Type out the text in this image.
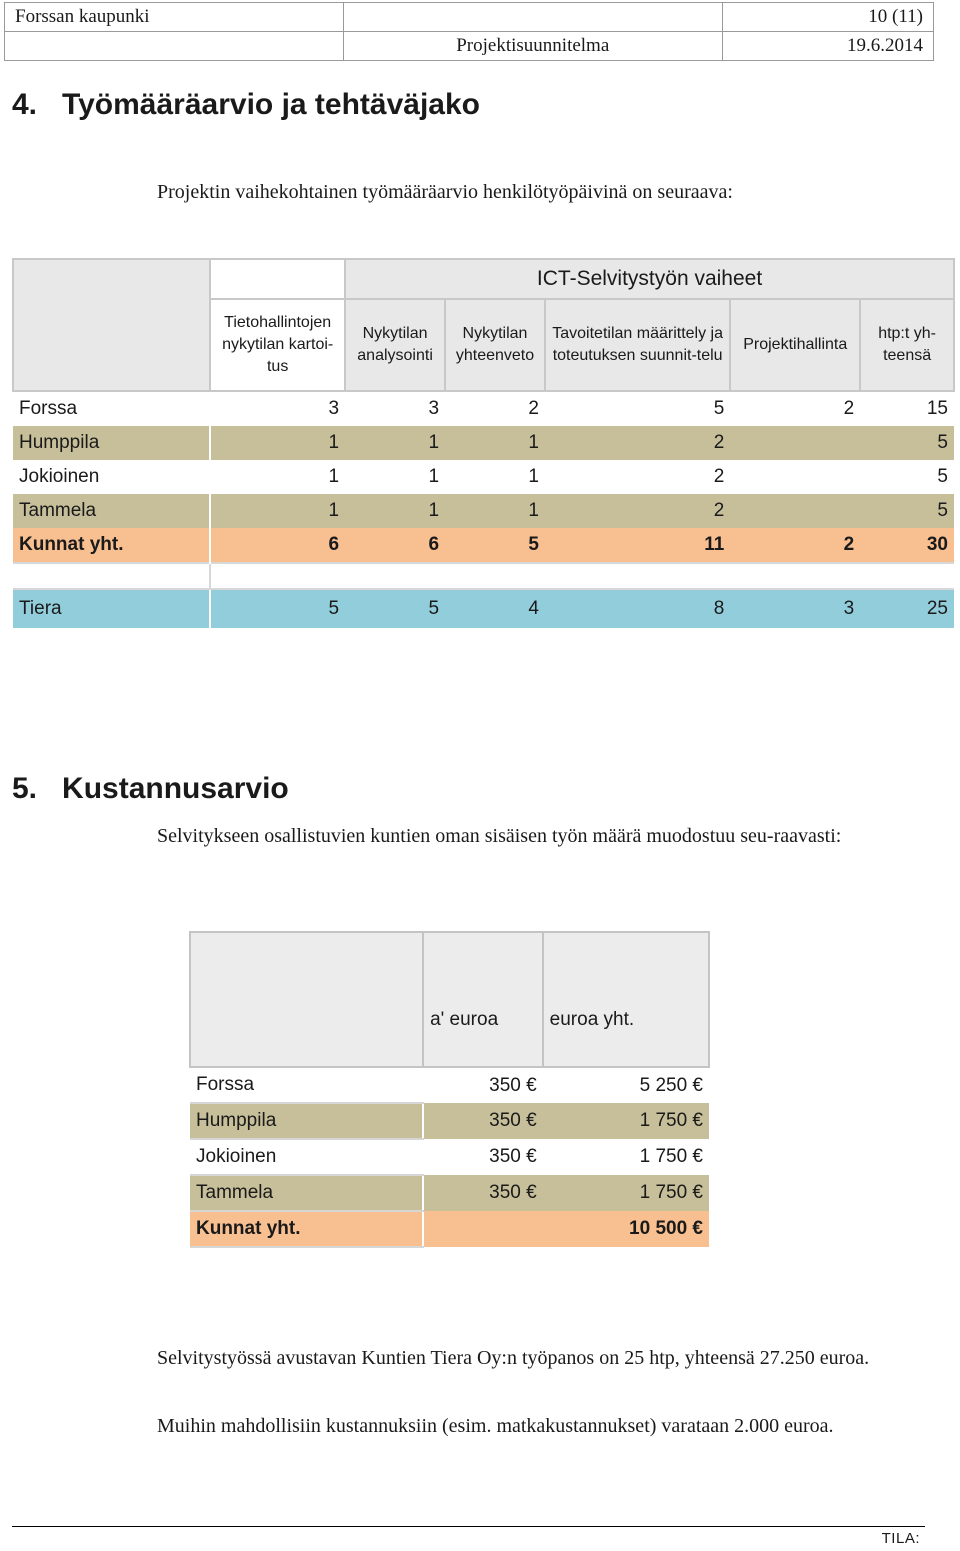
Forssan kaupunki		10 (11)
	Projektisuunnitelma	19.6.2014
4.   Työmääräarvio ja tehtäväjako
Projektin vaihekohtainen työmääräarvio henkilötyöpäivinä on seuraava:
		ICT-Selvitystyön vaiheet				
	Tietohallintojen nykytilan kartoi-tus	Nykytilan analysointi	Nykytilan yhteenveto	Tavoitetilan määrittely ja toteutuksen suunnit-telu	Projektihallinta	htp:t yh-teensä
Forssa	3	3	2	5	2	15
Humppila	1	1	1	2		5
Jokioinen	1	1	1	2		5
Tammela	1	1	1	2		5
Kunnat yht.	6	6	5	11	2	30

Tiera	5	5	4	8	3	25
5.   Kustannusarvio
Selvitykseen osallistuvien kuntien oman sisäisen työn määrä muodostuu seu-raavasti:
	a' euroa	euroa yht.
Forssa	350 €	5 250 €
Humppila	350 €	1 750 €
Jokioinen	350 €	1 750 €
Tammela	350 €	1 750 €
Kunnat yht.		10 500 €
Selvitystyössä avustavan Kuntien Tiera Oy:n työpanos on 25 htp, yhteensä 27.250 euroa.
Muihin mahdollisiin kustannuksiin (esim. matkakustannukset) varataan 2.000 euroa.
TILA:
